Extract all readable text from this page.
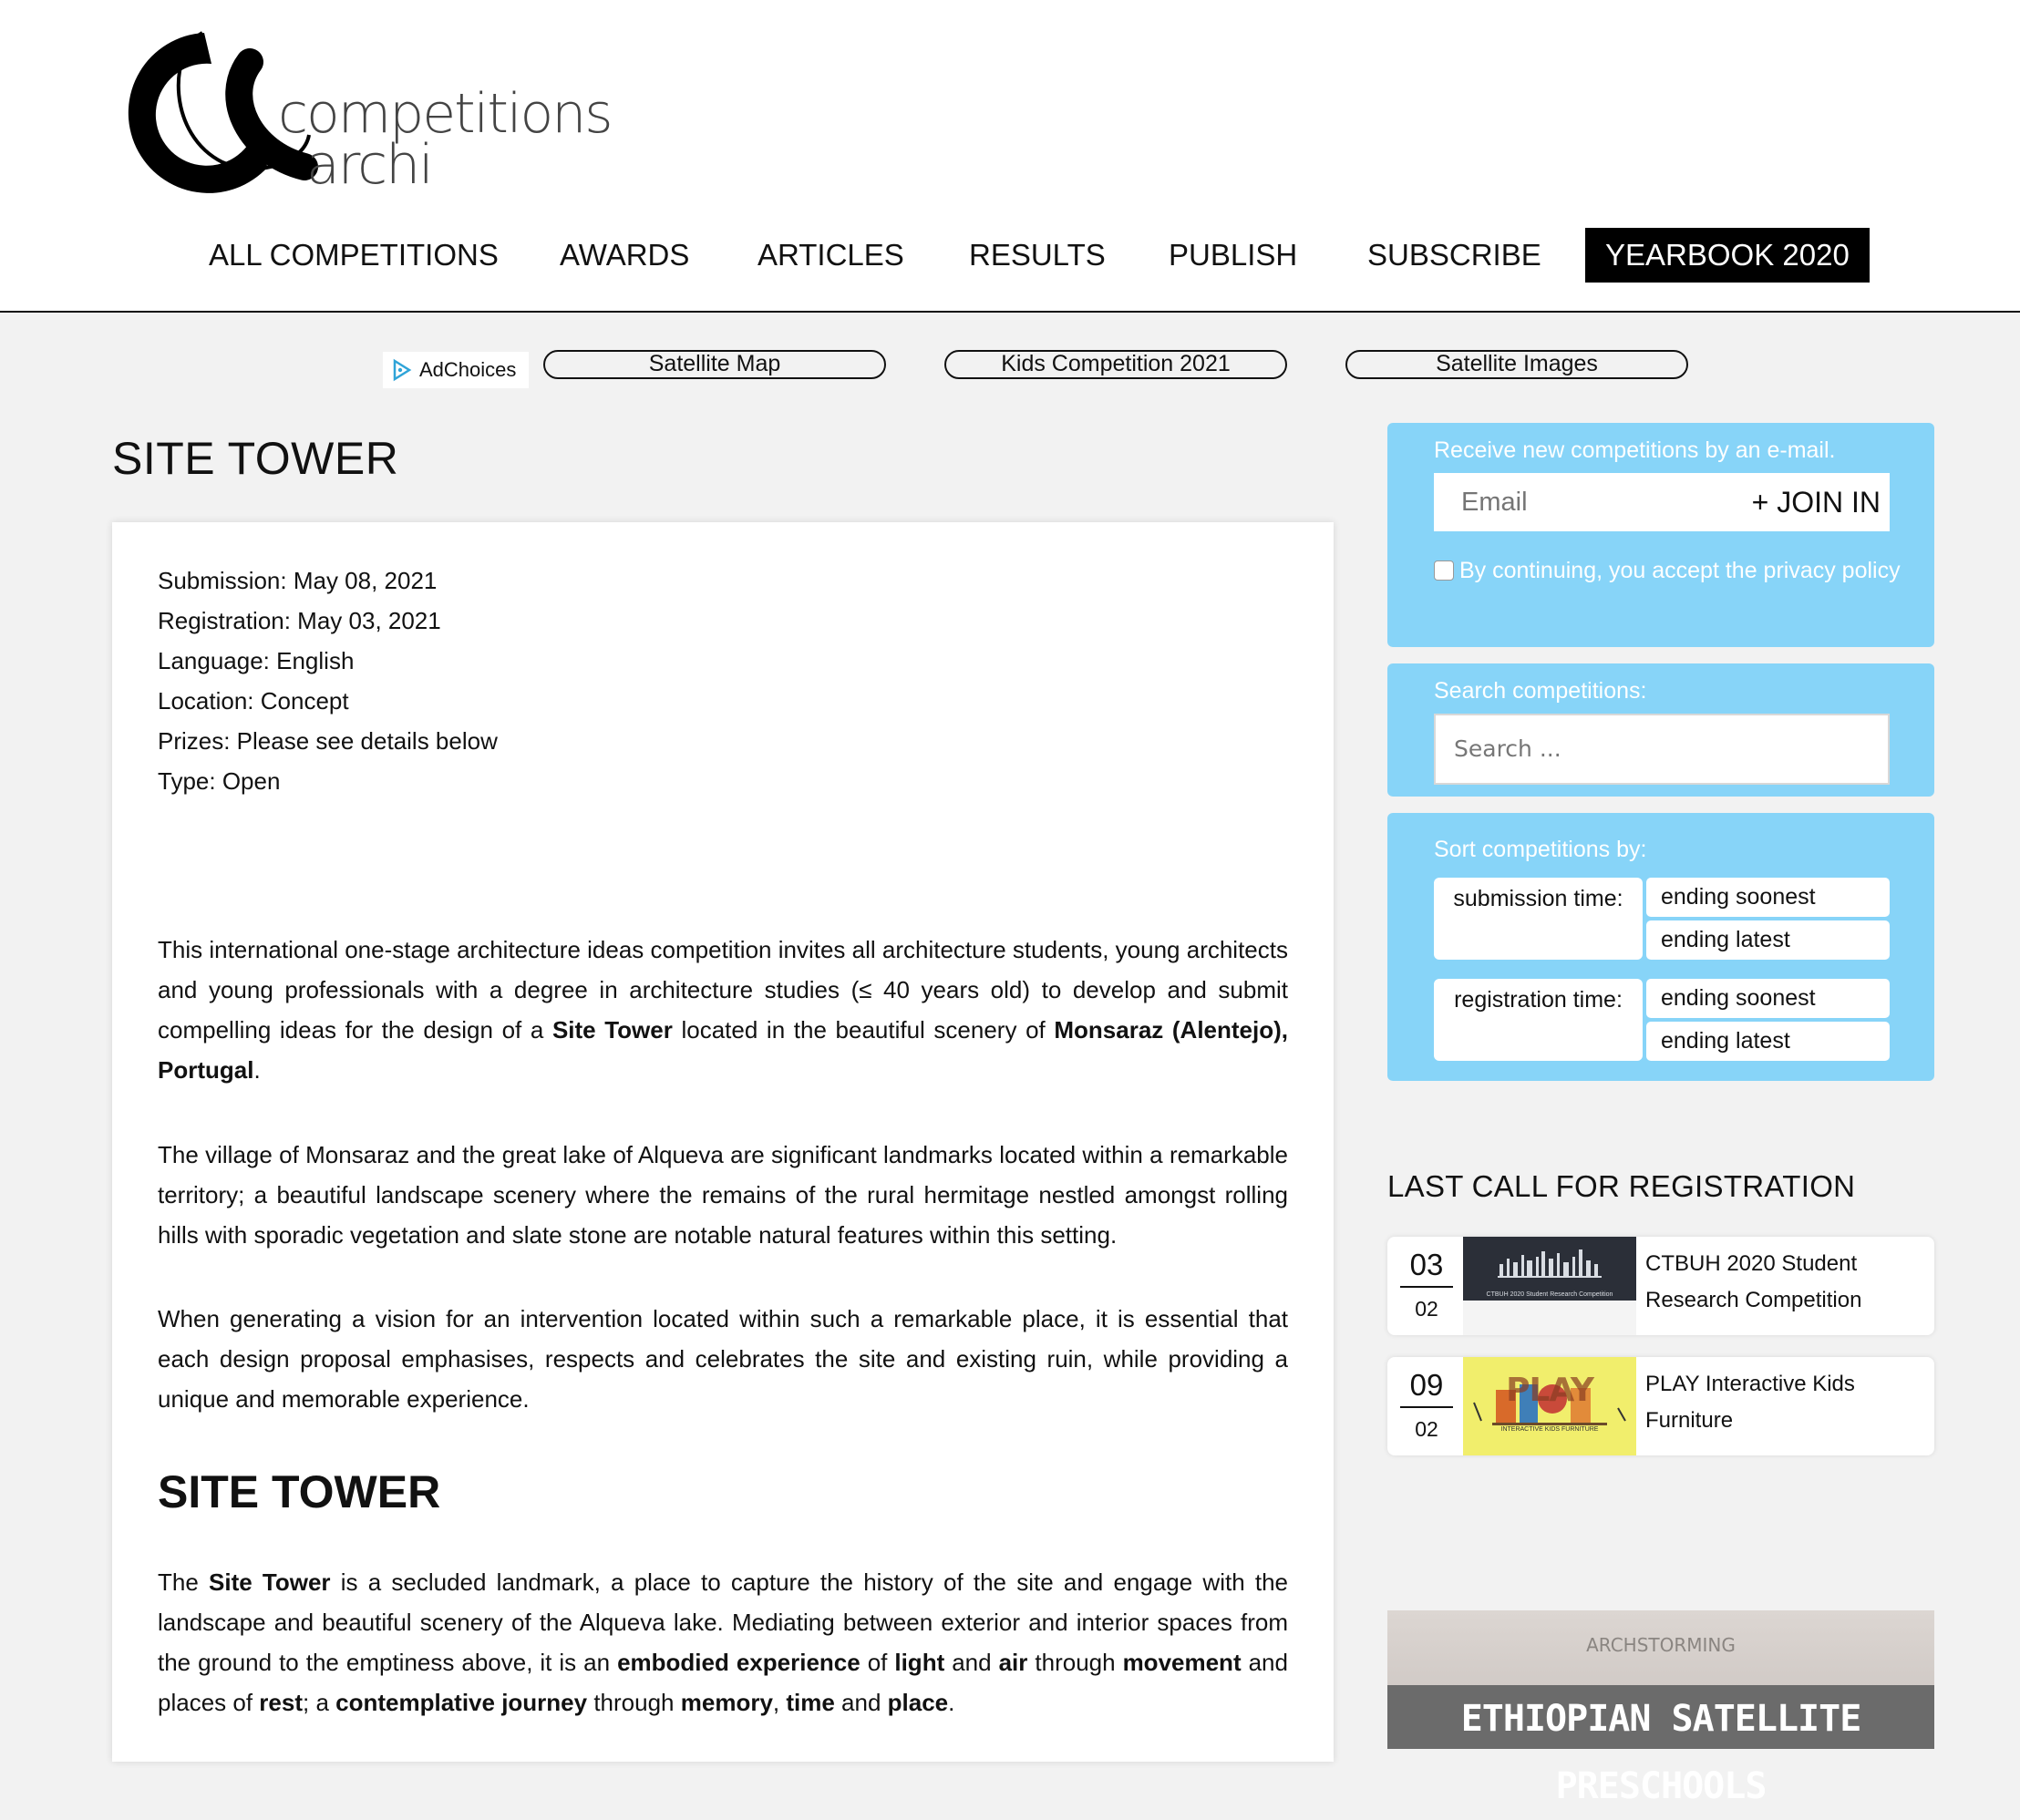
competitions
archi
ALL COMPETITIONS AWARDS ARTICLES RESULTS PUBLISH SUBSCRIBE	YEARBOOK 2020
AdChoices	Satellite Map	Kids Competition 2021	Satellite Images
SITE TOWER
Submission: May 08, 2021
Registration: May 03, 2021
Language: English
Location: Concept
Prizes: Please see details below
Type: Open

This international one-stage architecture ideas competition invites all architecture students, young architects and young professionals with a degree in architecture studies (≤ 40 years old) to develop and submit compelling ideas for the design of a Site Tower located in the beautiful scenery of Monsaraz (Alentejo), Portugal.

The village of Monsaraz and the great lake of Alqueva are significant landmarks located within a remarkable territory; a beautiful landscape scenery where the remains of the rural hermitage nestled amongst rolling hills with sporadic vegetation and slate stone are notable natural features within this setting.

When generating a vision for an intervention located within such a remarkable place, it is essential that each design proposal emphasises, respects and celebrates the site and existing ruin, while providing a unique and memorable experience.

SITE TOWER

The Site Tower is a secluded landmark, a place to capture the history of the site and engage with the landscape and beautiful scenery of the Alqueva lake. Mediating between exterior and interior spaces from the ground to the emptiness above, it is an embodied experience of light and air through movement and places of rest; a contemplative journey through memory, time and place.

Receive new competitions by an e-mail.
Email
+ JOIN IN
By continuing, you accept the privacy policy
Search competitions:
Search ...
Sort competitions by:
submission time:	ending soonest
ending latest
registration time:	ending soonest
ending latest
LAST CALL FOR REGISTRATION
03
02
CTBUH 2020 Student Research Competition
CTBUH 2020 Student Research Competition
09
02
PLAY
INTERACTIVE KIDS FURNITURE
PLAY Interactive Kids Furniture
ARCHSTORMING
ETHIOPIAN SATELLITE PRESCHOOLS
